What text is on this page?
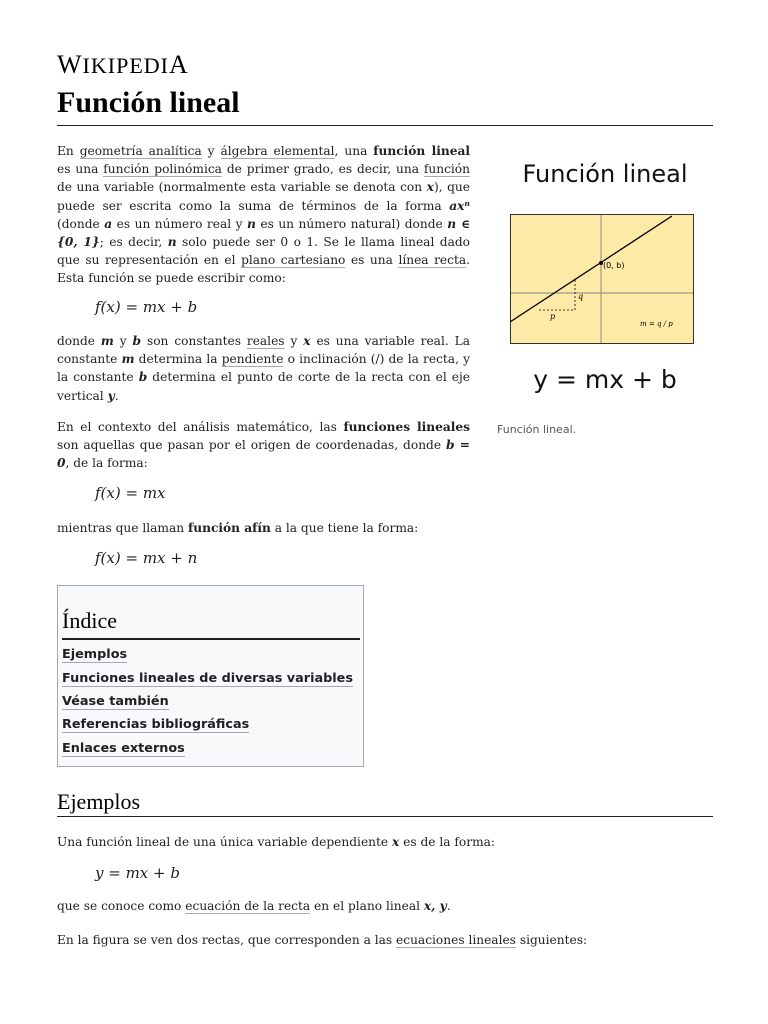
WIKIPEDIA
Función lineal
En geometría analítica y álgebra elemental, una función lineal es una función polinómica de primer grado, es decir, una función de una variable (normalmente esta variable se denota con x), que puede ser escrita como la suma de términos de la forma axⁿ (donde a es un número real y n es un número natural) donde n ∈ {0, 1}; es decir, n solo puede ser 0 o 1. Se le llama lineal dado que su representación en el plano cartesiano es una línea recta. Esta función se puede escribir como:
f(x) = mx + b
donde m y b son constantes reales y x es una variable real. La constante m determina la pendiente o inclinación (/) de la recta, y la constante b determina el punto de corte de la recta con el eje vertical y.
En el contexto del análisis matemático, las funciones lineales son aquellas que pasan por el origen de coordenadas, donde b = 0, de la forma:
f(x) = mx
mientras que llaman función afín a la que tiene la forma:
f(x) = mx + n
Función lineal
(0, b)
q
p
m = q / p
y = mx + b
Función lineal.
Índice
Ejemplos
Funciones lineales de diversas variables
Véase también
Referencias bibliográficas
Enlaces externos
Ejemplos
Una función lineal de una única variable dependiente x es de la forma:
y = mx + b
que se conoce como ecuación de la recta en el plano lineal x, y.
En la figura se ven dos rectas, que corresponden a las ecuaciones lineales siguientes:
